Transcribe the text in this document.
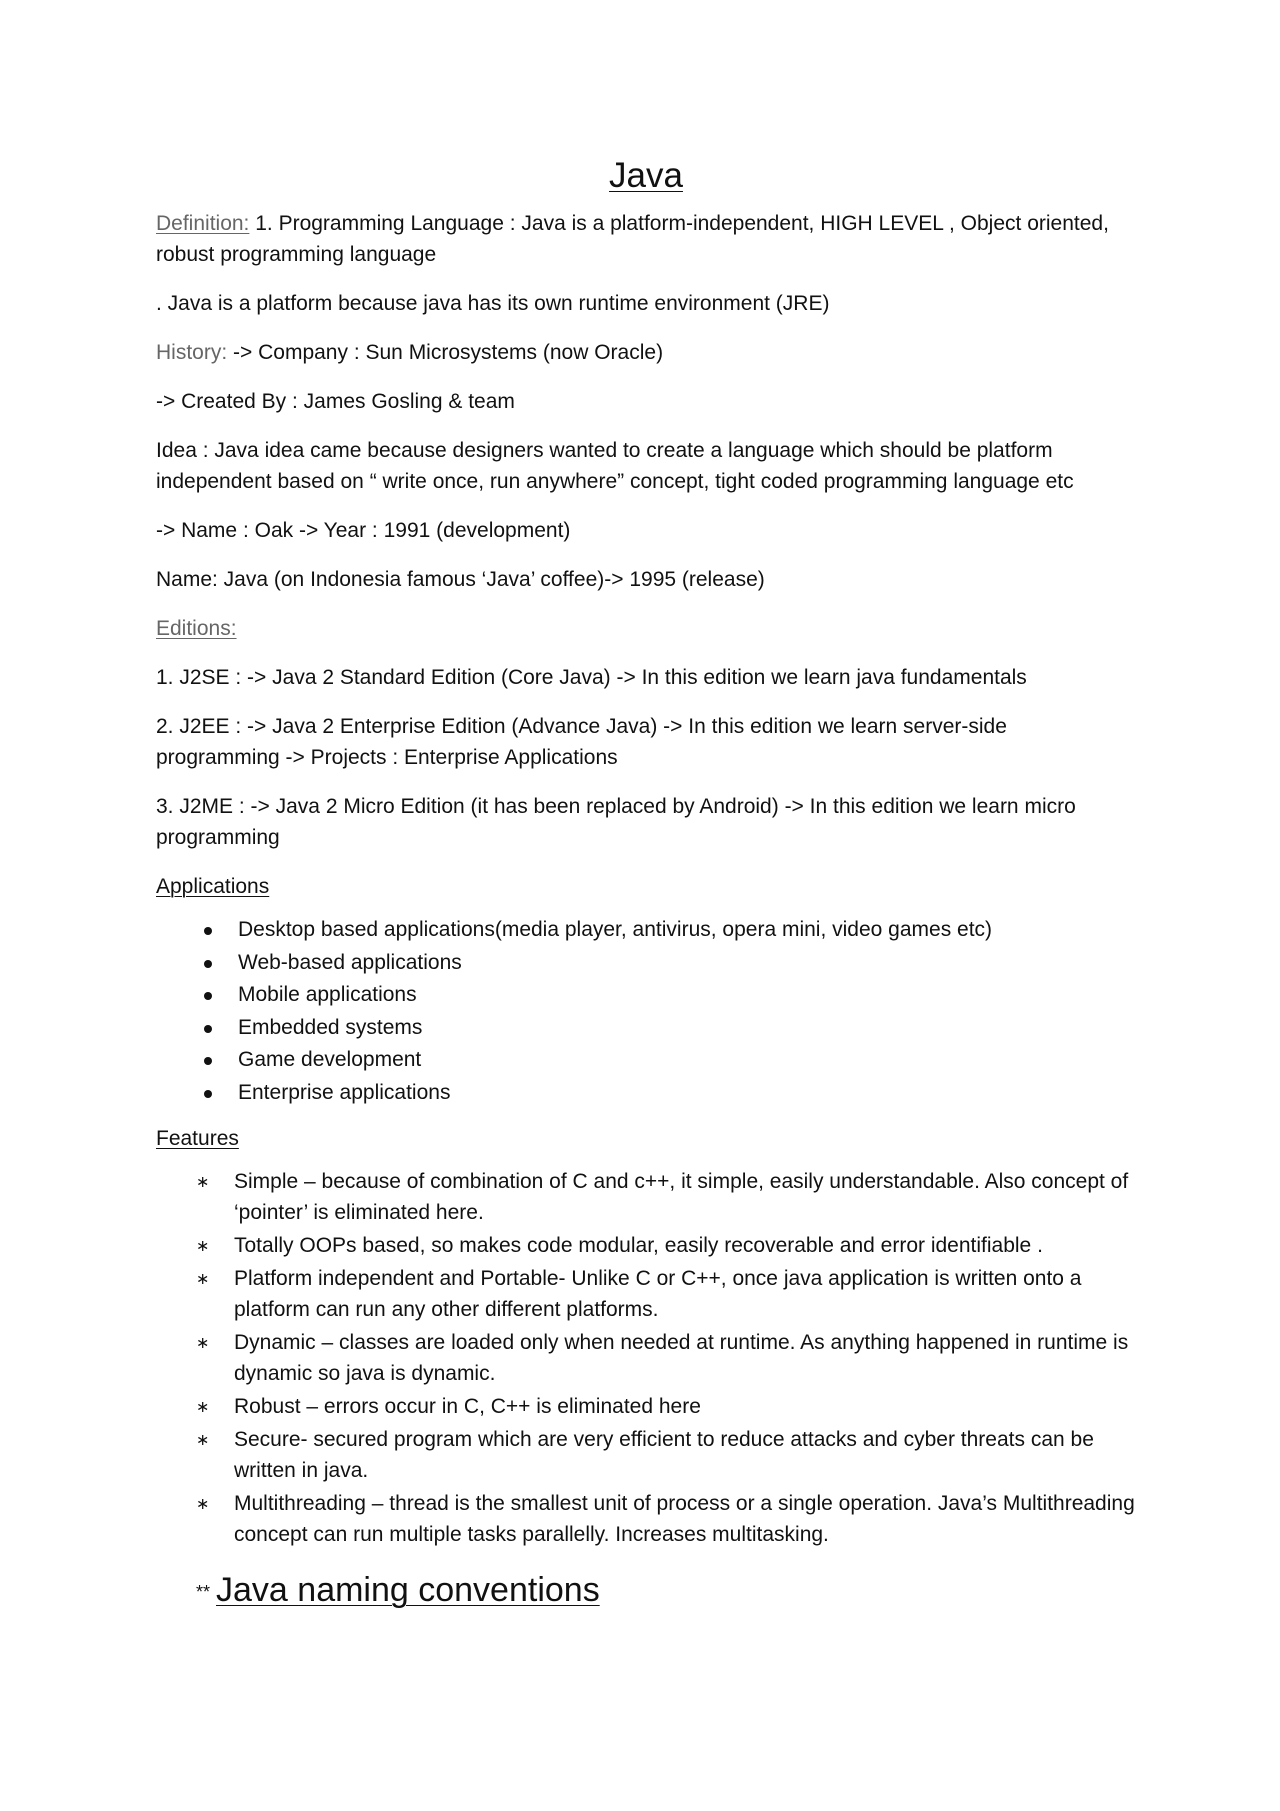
Java

Definition: 1. Programming Language : Java is a platform-independent, HIGH LEVEL , Object oriented, robust programming language

. Java is a platform because java has its own runtime environment (JRE)

History: -> Company : Sun Microsystems (now Oracle)

-> Created By : James Gosling & team

Idea : Java idea came because designers wanted to create a language which should be platform independent based on “ write once, run anywhere” concept, tight coded programming language etc

-> Name : Oak -> Year : 1991 (development)

Name: Java (on Indonesia famous ‘Java’ coffee)-> 1995 (release)

Editions:

1. J2SE : -> Java 2 Standard Edition (Core Java) -> In this edition we learn java fundamentals

2. J2EE : -> Java 2 Enterprise Edition (Advance Java) -> In this edition we learn server-side programming -> Projects : Enterprise Applications

3. J2ME : -> Java 2 Micro Edition (it has been replaced by Android) -> In this edition we learn micro programming

Applications

Desktop based applications(media player, antivirus, opera mini, video games etc)
Web-based applications
Mobile applications
Embedded systems
Game development
Enterprise applications

Features

∗ Simple – because of combination of C and c++, it simple, easily understandable. Also concept of ‘pointer’ is eliminated here.
∗ Totally OOPs based, so makes code modular, easily recoverable and error identifiable .
∗ Platform independent and Portable- Unlike C or C++, once java application is written onto a platform can run any other different platforms.
∗ Dynamic – classes are loaded only when needed at runtime. As anything happened in runtime is dynamic so java is dynamic.
∗ Robust – errors occur in C, C++ is eliminated here
∗ Secure- secured program which are very efficient to reduce attacks and cyber threats can be written in java.
∗ Multithreading – thread is the smallest unit of process or a single operation. Java’s Multithreading concept can run multiple tasks parallelly. Increases multitasking.
** Java naming conventions
